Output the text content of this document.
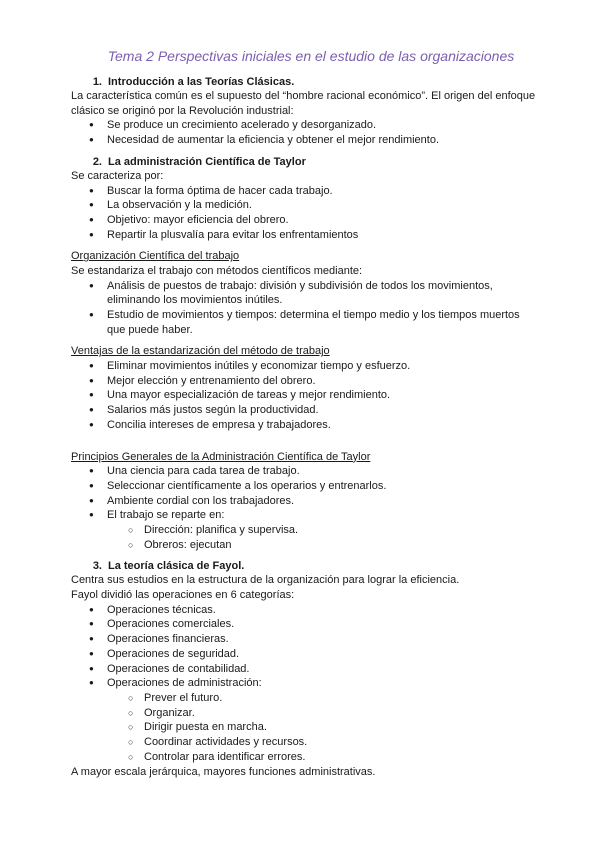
Tema 2 Perspectivas iniciales en el estudio de las organizaciones
1. Introducción a las Teorías Clásicas.

La característica común es el supuesto del “hombre racional económico”. El origen del enfoque clásico se originó por la Revolución industrial:

● Se produce un crecimiento acelerado y desorganizado.
● Necesidad de aumentar la eficiencia y obtener el mejor rendimiento.
2. La administración Científica de Taylor

Se caracteriza por:

● Buscar la forma óptima de hacer cada trabajo.
● La observación y la medición.
● Objetivo: mayor eficiencia del obrero.
● Repartir la plusvalía para evitar los enfrentamientos

Organización Científica del trabajo

Se estandariza el trabajo con métodos científicos mediante:

● Análisis de puestos de trabajo: división y subdivisión de todos los movimientos, eliminando los movimientos inútiles.
● Estudio de movimientos y tiempos: determina el tiempo medio y los tiempos muertos que puede haber.

Ventajas de la estandarización del método de trabajo

● Eliminar movimientos inútiles y economizar tiempo y esfuerzo.
● Mejor elección y entrenamiento del obrero.
● Una mayor especialización de tareas y mejor rendimiento.
● Salarios más justos según la productividad.
● Concilia intereses de empresa y trabajadores.

Principios Generales de la Administración Científica de Taylor

● Una ciencia para cada tarea de trabajo.
● Seleccionar científicamente a los operarios y entrenarlos.
● Ambiente cordial con los trabajadores.
● El trabajo se reparte en:
○ Dirección: planifica y supervisa.
○ Obreros: ejecutan
3. La teoría clásica de Fayol.

Centra sus estudios en la estructura de la organización para lograr la eficiencia.

Fayol dividió las operaciones en 6 categorías:

● Operaciones técnicas.
● Operaciones comerciales.
● Operaciones financieras.
● Operaciones de seguridad.
● Operaciones de contabilidad.
● Operaciones de administración:
○ Prever el futuro.
○ Organizar.
○ Dirigir puesta en marcha.
○ Coordinar actividades y recursos.
○ Controlar para identificar errores.

A mayor escala jerárquica, mayores funciones administrativas.
